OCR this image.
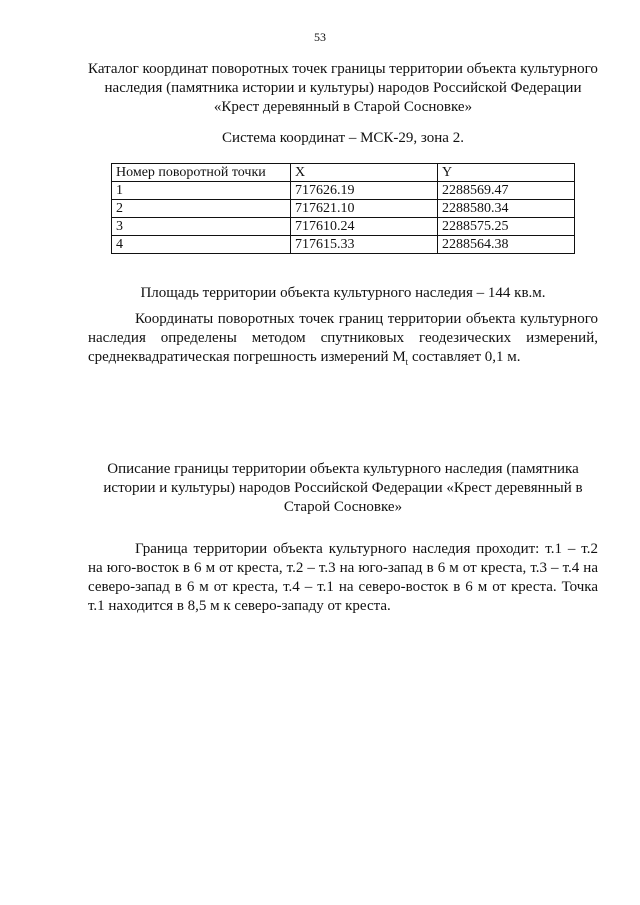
53

Каталог координат поворотных точек границы территории объекта культурного наследия (памятника истории и культуры) народов Российской Федерации «Крест деревянный в Старой Сосновке»

Система координат – МСК-29, зона 2.

Номер поворотной точки	X	Y
1	717626.19	2288569.47
2	717621.10	2288580.34
3	717610.24	2288575.25
4	717615.33	2288564.38

Площадь территории объекта культурного наследия – 144 кв.м.

Координаты поворотных точек границ территории объекта культурного наследия определены методом спутниковых геодезических измерений, среднеквадратическая погрешность измерений $M_t$ составляет 0,1 м.

Описание границы территории объекта культурного наследия (памятника истории и культуры) народов Российской Федерации «Крест деревянный в Старой Сосновке»

Граница территории объекта культурного наследия проходит: т.1 – т.2 на юго-восток в 6 м от креста, т.2 – т.3 на юго-запад в 6 м от креста, т.3 – т.4 на северо-запад в 6 м от креста, т.4 – т.1 на северо-восток в 6 м от креста. Точка т.1 находится в 8,5 м к северо-западу от креста.
